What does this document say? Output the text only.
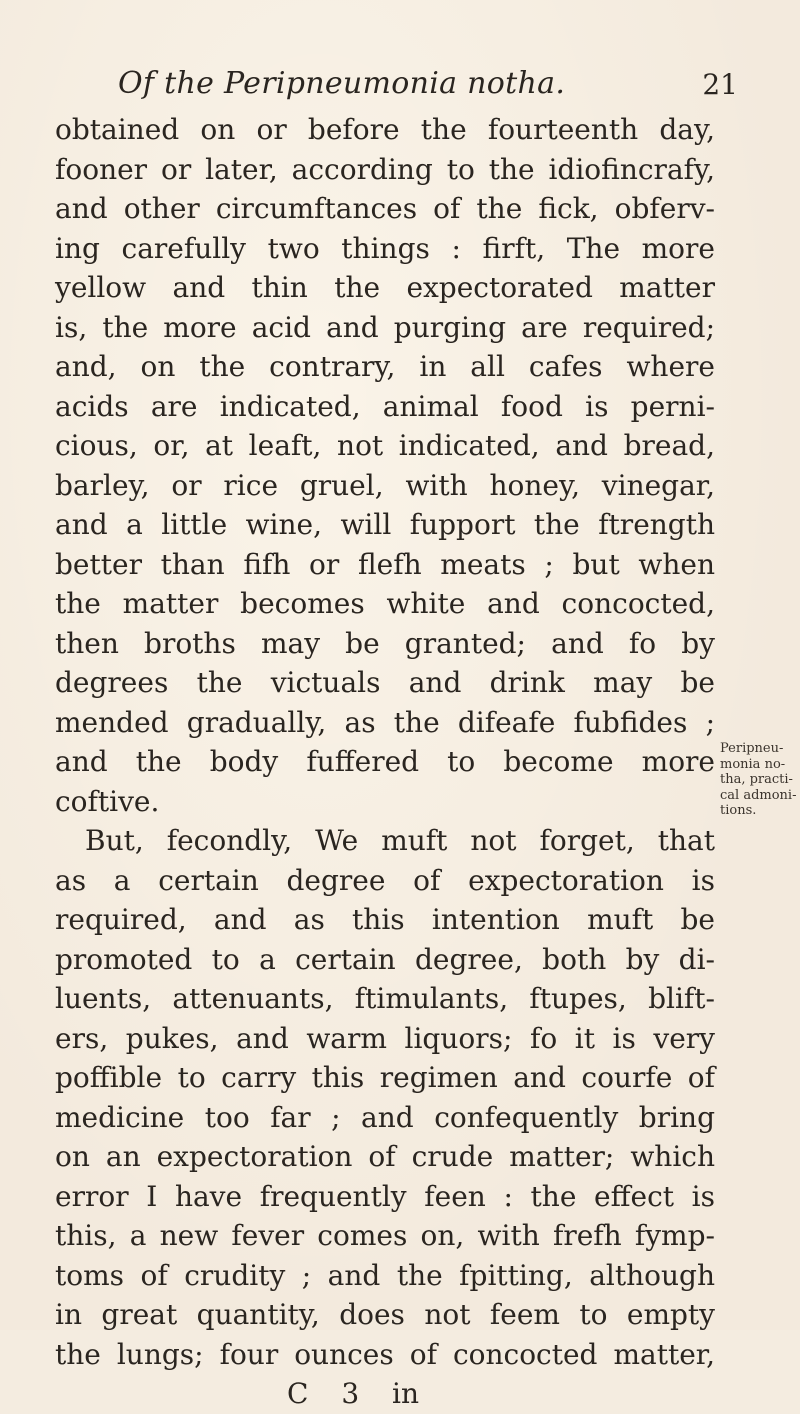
Of the Peripneumonia notha.	21
obtained on or before the fourteenth day,
fooner or later, according to the idiofincrafy,
and other circumftances of the fick, obferv-
ing carefully two things : firft, The more
yellow and thin the expectorated matter
is, the more acid and purging are required;
and, on the contrary, in all cafes where
acids are indicated, animal food is perni-
cious, or, at leaft, not indicated, and bread,
barley, or rice gruel, with honey, vinegar,
and a little wine, will fupport the ftrength
better than fifh or flefh meats ; but when
the matter becomes white and concocted,
then broths may be granted; and fo by
degrees the victuals and drink may be
mended gradually, as the difeafe fubfides ;
and the body fuffered to become more
coftive.
But, fecondly, We muft not forget, that
as a certain degree of expectoration is
required, and as this intention muft be
promoted to a certain degree, both by di-
luents, attenuants, ftimulants, ftupes, blift-
ers, pukes, and warm liquors; fo it is very
poffible to carry this regimen and courfe of
medicine too far ; and confequently bring
on an expectoration of crude matter; which
error I have frequently feen : the effect is
this, a new fever comes on, with frefh fymp-
toms of crudity ; and the fpitting, although
in great quantity, does not feem to empty
the lungs; four ounces of concocted matter,
C 3 in
Peripneu-
monia no-
tha, practi-
cal admoni-
tions.
